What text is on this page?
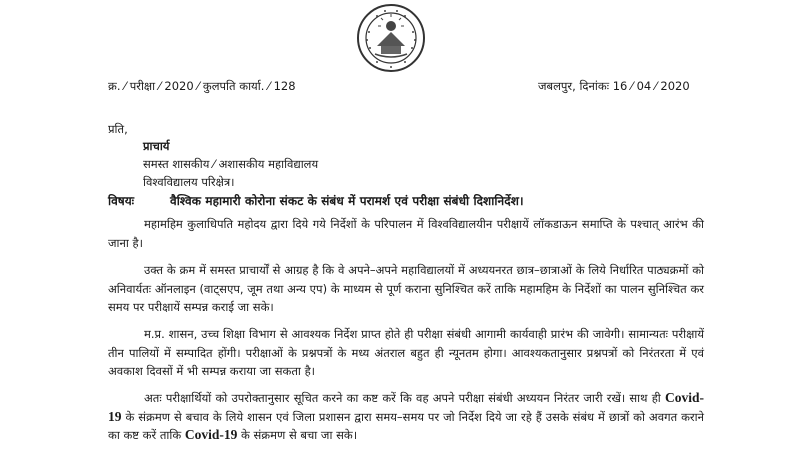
क्र. ⁄ परीक्षा ⁄ 2020 ⁄ कुलपति कार्या. ⁄ 128	जबलपुर, दिनांकः 16 ⁄ 04 ⁄ 2020
प्रति,
प्राचार्य
समस्त शासकीय ⁄ अशासकीय महाविद्यालय
विश्वविद्यालय परिक्षेत्र।
विषयः	वैश्विक महामारी कोरोना संकट के संबंध में परामर्श एवं परीक्षा संबंधी दिशानिर्देश।

महामहिम कुलाधिपति महोदय द्वारा दिये गये निर्देशों के परिपालन में विश्वविद्यालयीन परीक्षायें लॉकडाऊन समाप्ति के पश्चात् आरंभ की जाना है।

उक्त के क्रम में समस्त प्राचार्यों से आग्रह है कि वे अपने–अपने महाविद्यालयों में अध्ययनरत छात्र–छात्राओं के लिये निर्धारित पाठ्यक्रमों को अनिवार्यतः ऑनलाइन (वाट्सएप, जूम तथा अन्य एप) के माध्यम से पूर्ण कराना सुनिश्चित करें ताकि महामहिम के निर्देशों का पालन सुनिश्चित कर समय पर परीक्षायें सम्पन्न कराई जा सके।

म.प्र. शासन, उच्च शिक्षा विभाग से आवश्यक निर्देश प्राप्त होते ही परीक्षा संबंधी आगामी कार्यवाही प्रारंभ की जावेगी। सामान्यतः परीक्षायें तीन पालियों में सम्पादित होंगी। परीक्षाओं के प्रश्नपत्रों के मध्य अंतराल बहुत ही न्यूनतम होगा। आवश्यकतानुसार प्रश्नपत्रों को निरंतरता में एवं अवकाश दिवसों में भी सम्पन्न कराया जा सकता है।

अतः परीक्षार्थियों को उपरोक्तानुसार सूचित करने का कष्ट करें कि वह अपने परीक्षा संबंधी अध्ययन निरंतर जारी रखें। साथ ही Covid-19 के संक्रमण से बचाव के लिये शासन एवं जिला प्रशासन द्वारा समय–समय पर जो निर्देश दिये जा रहे हैं उसके संबंध में छात्रों को अवगत कराने का कष्ट करें ताकि Covid-19 के संक्रमण से बचा जा सके।
